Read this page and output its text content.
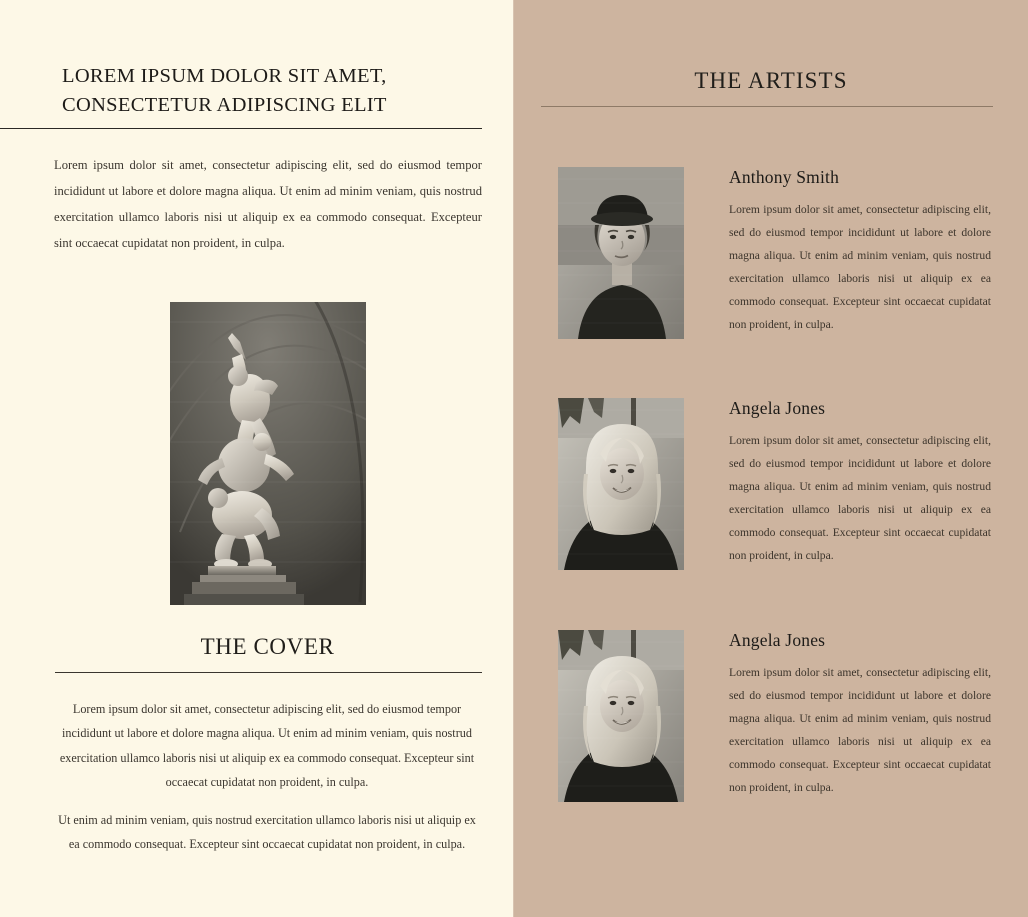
LOREM IPSUM DOLOR SIT AMET, CONSECTETUR ADIPISCING ELIT

Lorem ipsum dolor sit amet, consectetur adipiscing elit, sed do eiusmod tempor incididunt ut labore et dolore magna aliqua. Ut enim ad minim veniam, quis nostrud exercitation ullamco laboris nisi ut aliquip ex ea commodo consequat. Excepteur sint occaecat cupidatat non proident, in culpa.

THE COVER

Lorem ipsum dolor sit amet, consectetur adipiscing elit, sed do eiusmod tempor incididunt ut labore et dolore magna aliqua. Ut enim ad minim veniam, quis nostrud exercitation ullamco laboris nisi ut aliquip ex ea commodo consequat. Excepteur sint occaecat cupidatat non proident, in culpa.

Ut enim ad minim veniam, quis nostrud exercitation ullamco laboris nisi ut aliquip ex ea commodo consequat. Excepteur sint occaecat cupidatat non proident, in culpa.

THE ARTISTS
Anthony Smith

Lorem ipsum dolor sit amet, consectetur adipiscing elit, sed do eiusmod tempor incididunt ut labore et dolore magna aliqua. Ut enim ad minim veniam, quis nostrud exercitation ullamco laboris nisi ut aliquip ex ea commodo consequat. Excepteur sint occaecat cupidatat non proident, in culpa.

Angela Jones

Lorem ipsum dolor sit amet, consectetur adipiscing elit, sed do eiusmod tempor incididunt ut labore et dolore magna aliqua. Ut enim ad minim veniam, quis nostrud exercitation ullamco laboris nisi ut aliquip ex ea commodo consequat. Excepteur sint occaecat cupidatat non proident, in culpa.

Angela Jones

Lorem ipsum dolor sit amet, consectetur adipiscing elit, sed do eiusmod tempor incididunt ut labore et dolore magna aliqua. Ut enim ad minim veniam, quis nostrud exercitation ullamco laboris nisi ut aliquip ex ea commodo consequat. Excepteur sint occaecat cupidatat non proident, in culpa.
